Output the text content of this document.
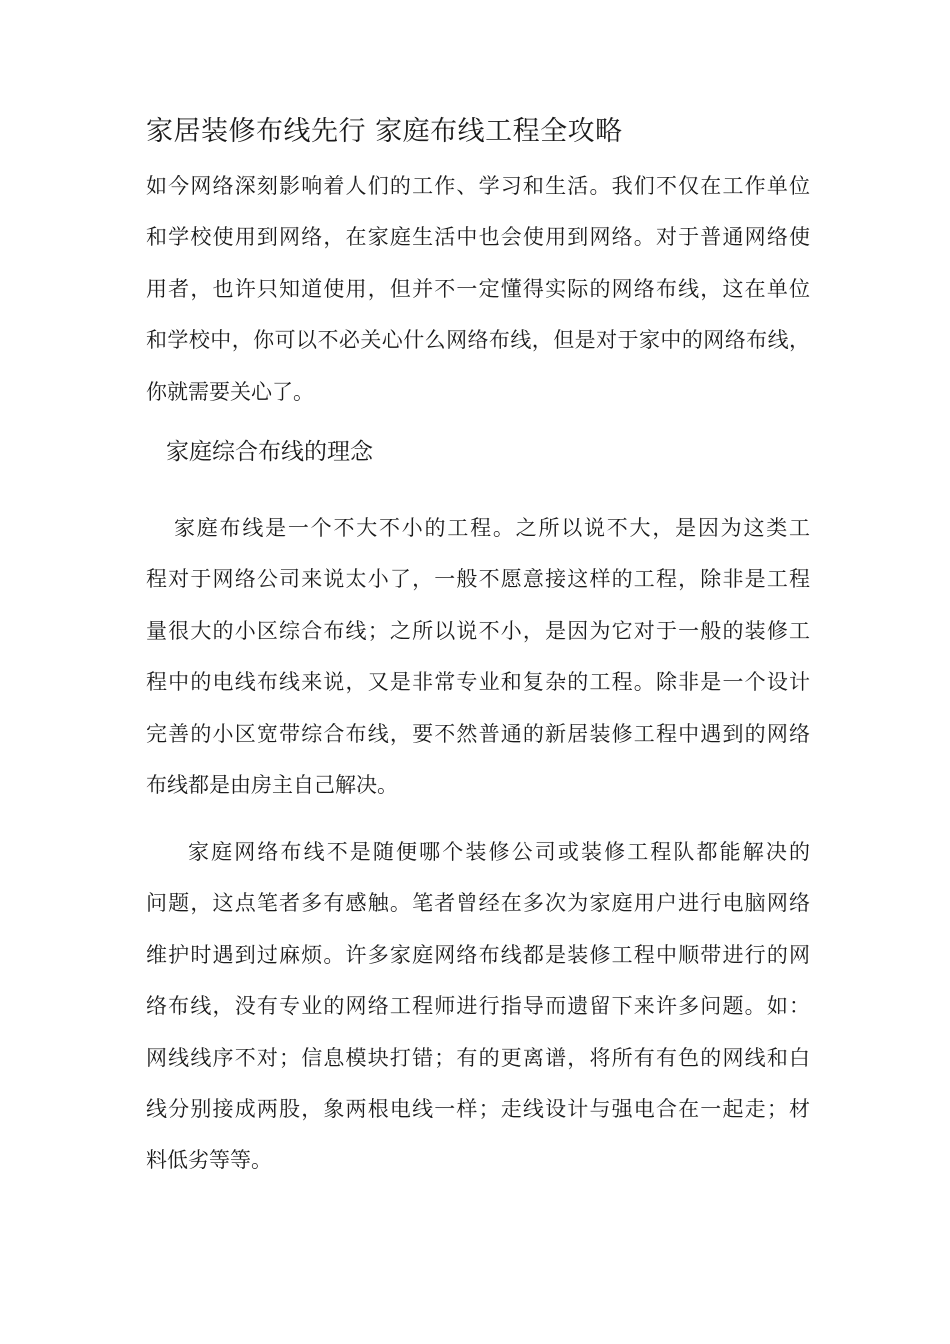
家居装修布线先行 家庭布线工程全攻略
如今网络深刻影响着人们的工作、学习和生活。我们不仅在工作单位
和学校使用到网络，在家庭生活中也会使用到网络。对于普通网络使
用者，也许只知道使用，但并不一定懂得实际的网络布线，这在单位
和学校中，你可以不必关心什么网络布线，但是对于家中的网络布线，
你就需要关心了。
家庭综合布线的理念
家庭布线是一个不大不小的工程。之所以说不大，是因为这类工
程对于网络公司来说太小了，一般不愿意接这样的工程，除非是工程
量很大的小区综合布线；之所以说不小，是因为它对于一般的装修工
程中的电线布线来说，又是非常专业和复杂的工程。除非是一个设计
完善的小区宽带综合布线，要不然普通的新居装修工程中遇到的网络
布线都是由房主自己解决。
家庭网络布线不是随便哪个装修公司或装修工程队都能解决的
问题，这点笔者多有感触。笔者曾经在多次为家庭用户进行电脑网络
维护时遇到过麻烦。许多家庭网络布线都是装修工程中顺带进行的网
络布线，没有专业的网络工程师进行指导而遗留下来许多问题。如：
网线线序不对；信息模块打错；有的更离谱，将所有有色的网线和白
线分别接成两股，象两根电线一样；走线设计与强电合在一起走；材
料低劣等等。
